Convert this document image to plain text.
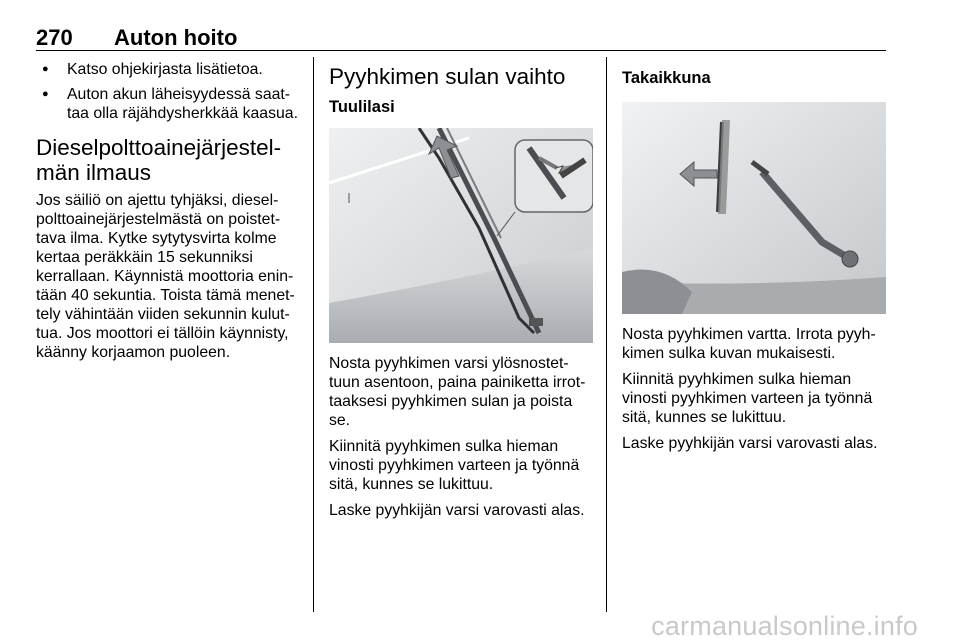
270 Auton hoito
● Katso ohjekirjasta lisätietoa.
● Auton akun läheisyydessä saattaa olla räjähdysherkkää kaasua.
Dieselpolttoainejärjestelmän ilmaus

Jos säiliö on ajettu tyhjäksi, dieselpolttoainejärjestelmästä on poistettava ilma. Kytke sytytysvirta kolme kertaa peräkkäin 15 sekunniksi kerrallaan. Käynnistä moottoria enintään 40 sekuntia. Toista tämä menettely vähintään viiden sekunnin kuluttua. Jos moottori ei tällöin käynnisty, käänny korjaamon puoleen.

Pyyhkimen sulan vaihto
Tuulilasi

Nosta pyyhkimen varsi ylösnostettuun asentoon, paina painiketta irrottaaksesi pyyhkimen sulan ja poista se.

Kiinnitä pyyhkimen sulka hieman vinosti pyyhkimen varteen ja työnnä sitä, kunnes se lukittuu.

Laske pyyhkijän varsi varovasti alas.

Takaikkuna

Nosta pyyhkimen vartta. Irrota pyyhkimen sulka kuvan mukaisesti.

Kiinnitä pyyhkimen sulka hieman vinosti pyyhkimen varteen ja työnnä sitä, kunnes se lukittuu.

Laske pyyhkijän varsi varovasti alas.

carmanualsonline.info
